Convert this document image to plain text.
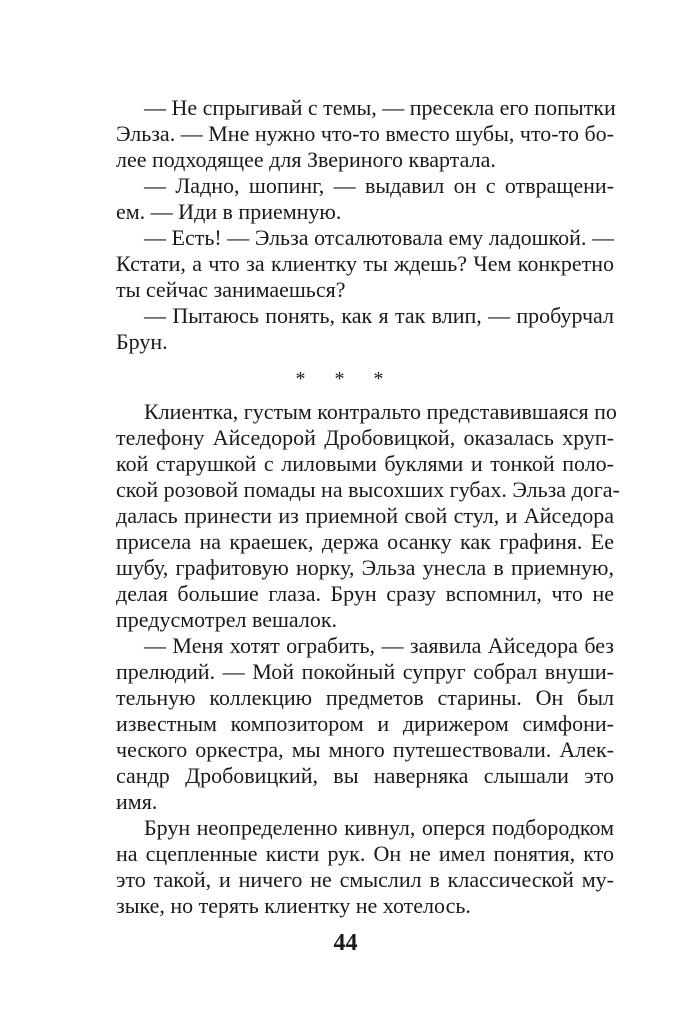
— Не спрыгивай с темы, — пресекла его попытки
Эльза. — Мне нужно что-то вместо шубы, что-то бо-
лее подходящее для Звериного квартала.
— Ладно, шопинг, — выдавил он с отвращени-
ем. — Иди в приемную.
— Есть! — Эльза отсалютовала ему ладошкой. —
Кстати, а что за клиентку ты ждешь? Чем конкретно
ты сейчас занимаешься?
— Пытаюсь понять, как я так влип, — пробурчал
Брун.
* * *
Клиентка, густым контральто представившаяся по
телефону Айседорой Дробовицкой, оказалась хруп-
кой старушкой с лиловыми буклями и тонкой поло-
ской розовой помады на высохших губах. Эльза дога-
далась принести из приемной свой стул, и Айседора
присела на краешек, держа осанку как графиня. Ее
шубу, графитовую норку, Эльза унесла в приемную,
делая большие глаза. Брун сразу вспомнил, что не
предусмотрел вешалок.
— Меня хотят ограбить, — заявила Айседора без
прелюдий. — Мой покойный супруг собрал внуши-
тельную коллекцию предметов старины. Он был
известным композитором и дирижером симфони-
ческого оркестра, мы много путешествовали. Алек-
сандр Дробовицкий, вы наверняка слышали это
имя.
Брун неопределенно кивнул, оперся подбородком
на сцепленные кисти рук. Он не имел понятия, кто
это такой, и ничего не смыслил в классической му-
зыке, но терять клиентку не хотелось.
44
